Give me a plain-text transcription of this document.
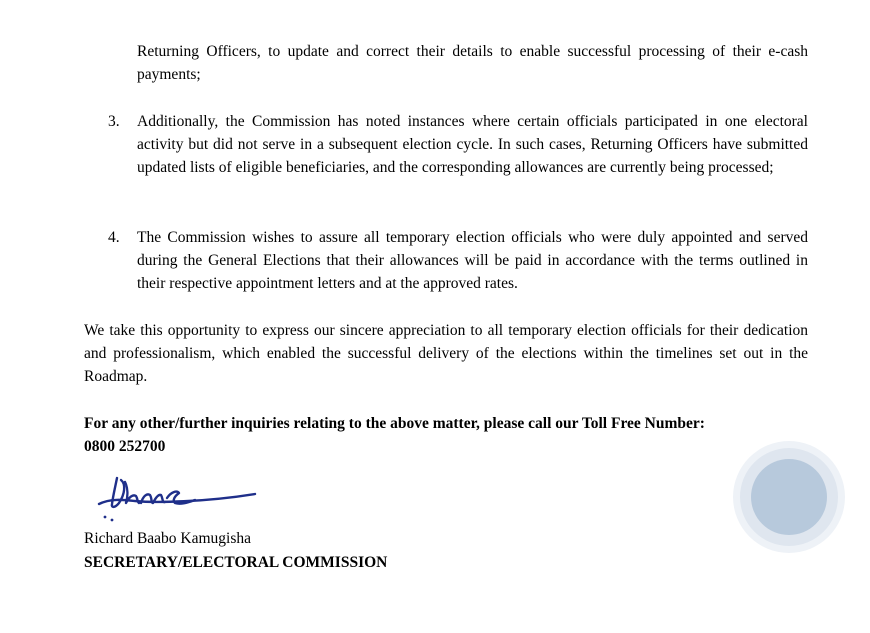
Returning Officers, to update and correct their details to enable successful processing of their e-cash payments;

3. Additionally, the Commission has noted instances where certain officials participated in one electoral activity but did not serve in a subsequent election cycle. In such cases, Returning Officers have submitted updated lists of eligible beneficiaries, and the corresponding allowances are currently being processed;

4. The Commission wishes to assure all temporary election officials who were duly appointed and served during the General Elections that their allowances will be paid in accordance with the terms outlined in their respective appointment letters and at the approved rates.

We take this opportunity to express our sincere appreciation to all temporary election officials for their dedication and professionalism, which enabled the successful delivery of the elections within the timelines set out in the Roadmap.

For any other/further inquiries relating to the above matter, please call our Toll Free Number:
0800 252700

Richard Baabo Kamugisha
SECRETARY/ELECTORAL COMMISSION
